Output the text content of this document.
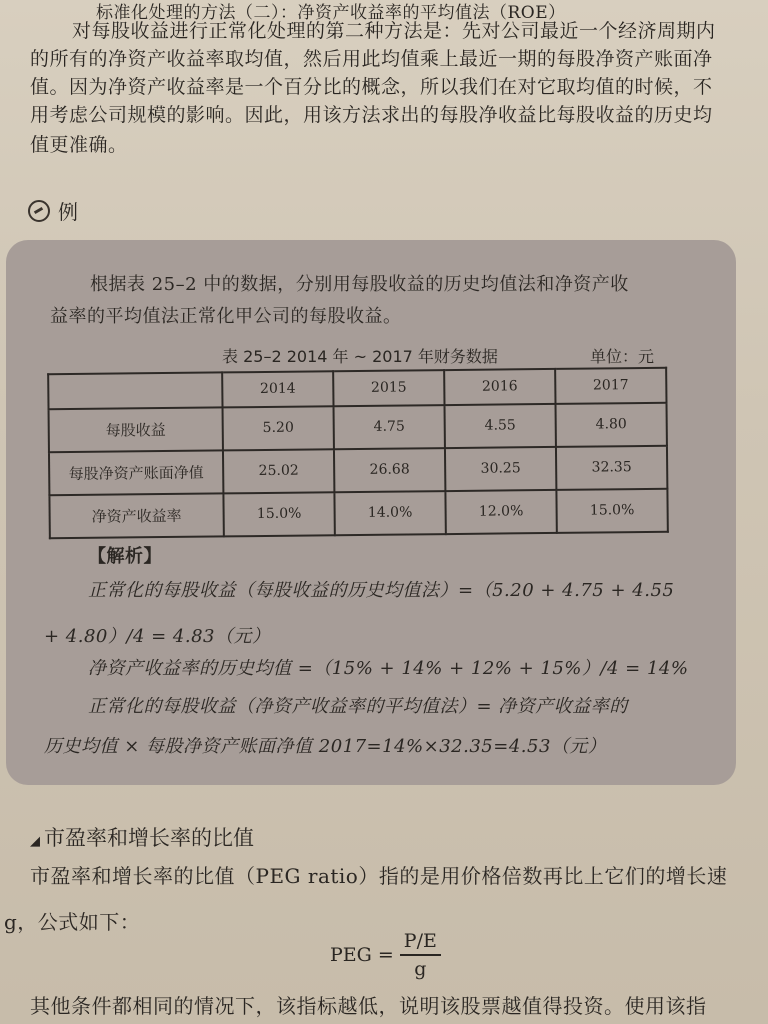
标准化处理的方法（二）：净资产收益率的平均值法（ROE）
对每股收益进行正常化处理的第二种方法是：先对公司最近一个经济周期内
的所有的净资产收益率取均值，然后用此均值乘上最近一期的每股净资产账面净
值。因为净资产收益率是一个百分比的概念，所以我们在对它取均值的时候，不
用考虑公司规模的影响。因此，用该方法求出的每股净收益比每股收益的历史均
值更准确。
例
根据表 25–2 中的数据，分别用每股收益的历史均值法和净资产收
益率的平均值法正常化甲公司的每股收益。
表 25–2 2014 年 ~ 2017 年财务数据	单位：元
	2014	2015	2016	2017
每股收益	5.20	4.75	4.55	4.80
每股净资产账面净值	25.02	26.68	30.25	32.35
净资产收益率	15.0%	14.0%	12.0%	15.0%
【解析】
正常化的每股收益（每股收益的历史均值法）=（5.20 + 4.75 + 4.55
+ 4.80）/4 = 4.83（元）
净资产收益率的历史均值 =（15% + 14% + 12% + 15%）/4 = 14%
正常化的每股收益（净资产收益率的平均值法）= 净资产收益率的
历史均值 × 每股净资产账面净值 2017=14%×32.35=4.53（元）
◢ 市盈率和增长率的比值
市盈率和增长率的比值（PEG ratio）指的是用价格倍数再比上它们的增长速
g，公式如下：
PEG = $\frac{P/E}{g}$
其他条件都相同的情况下，该指标越低，说明该股票越值得投资。使用该指
